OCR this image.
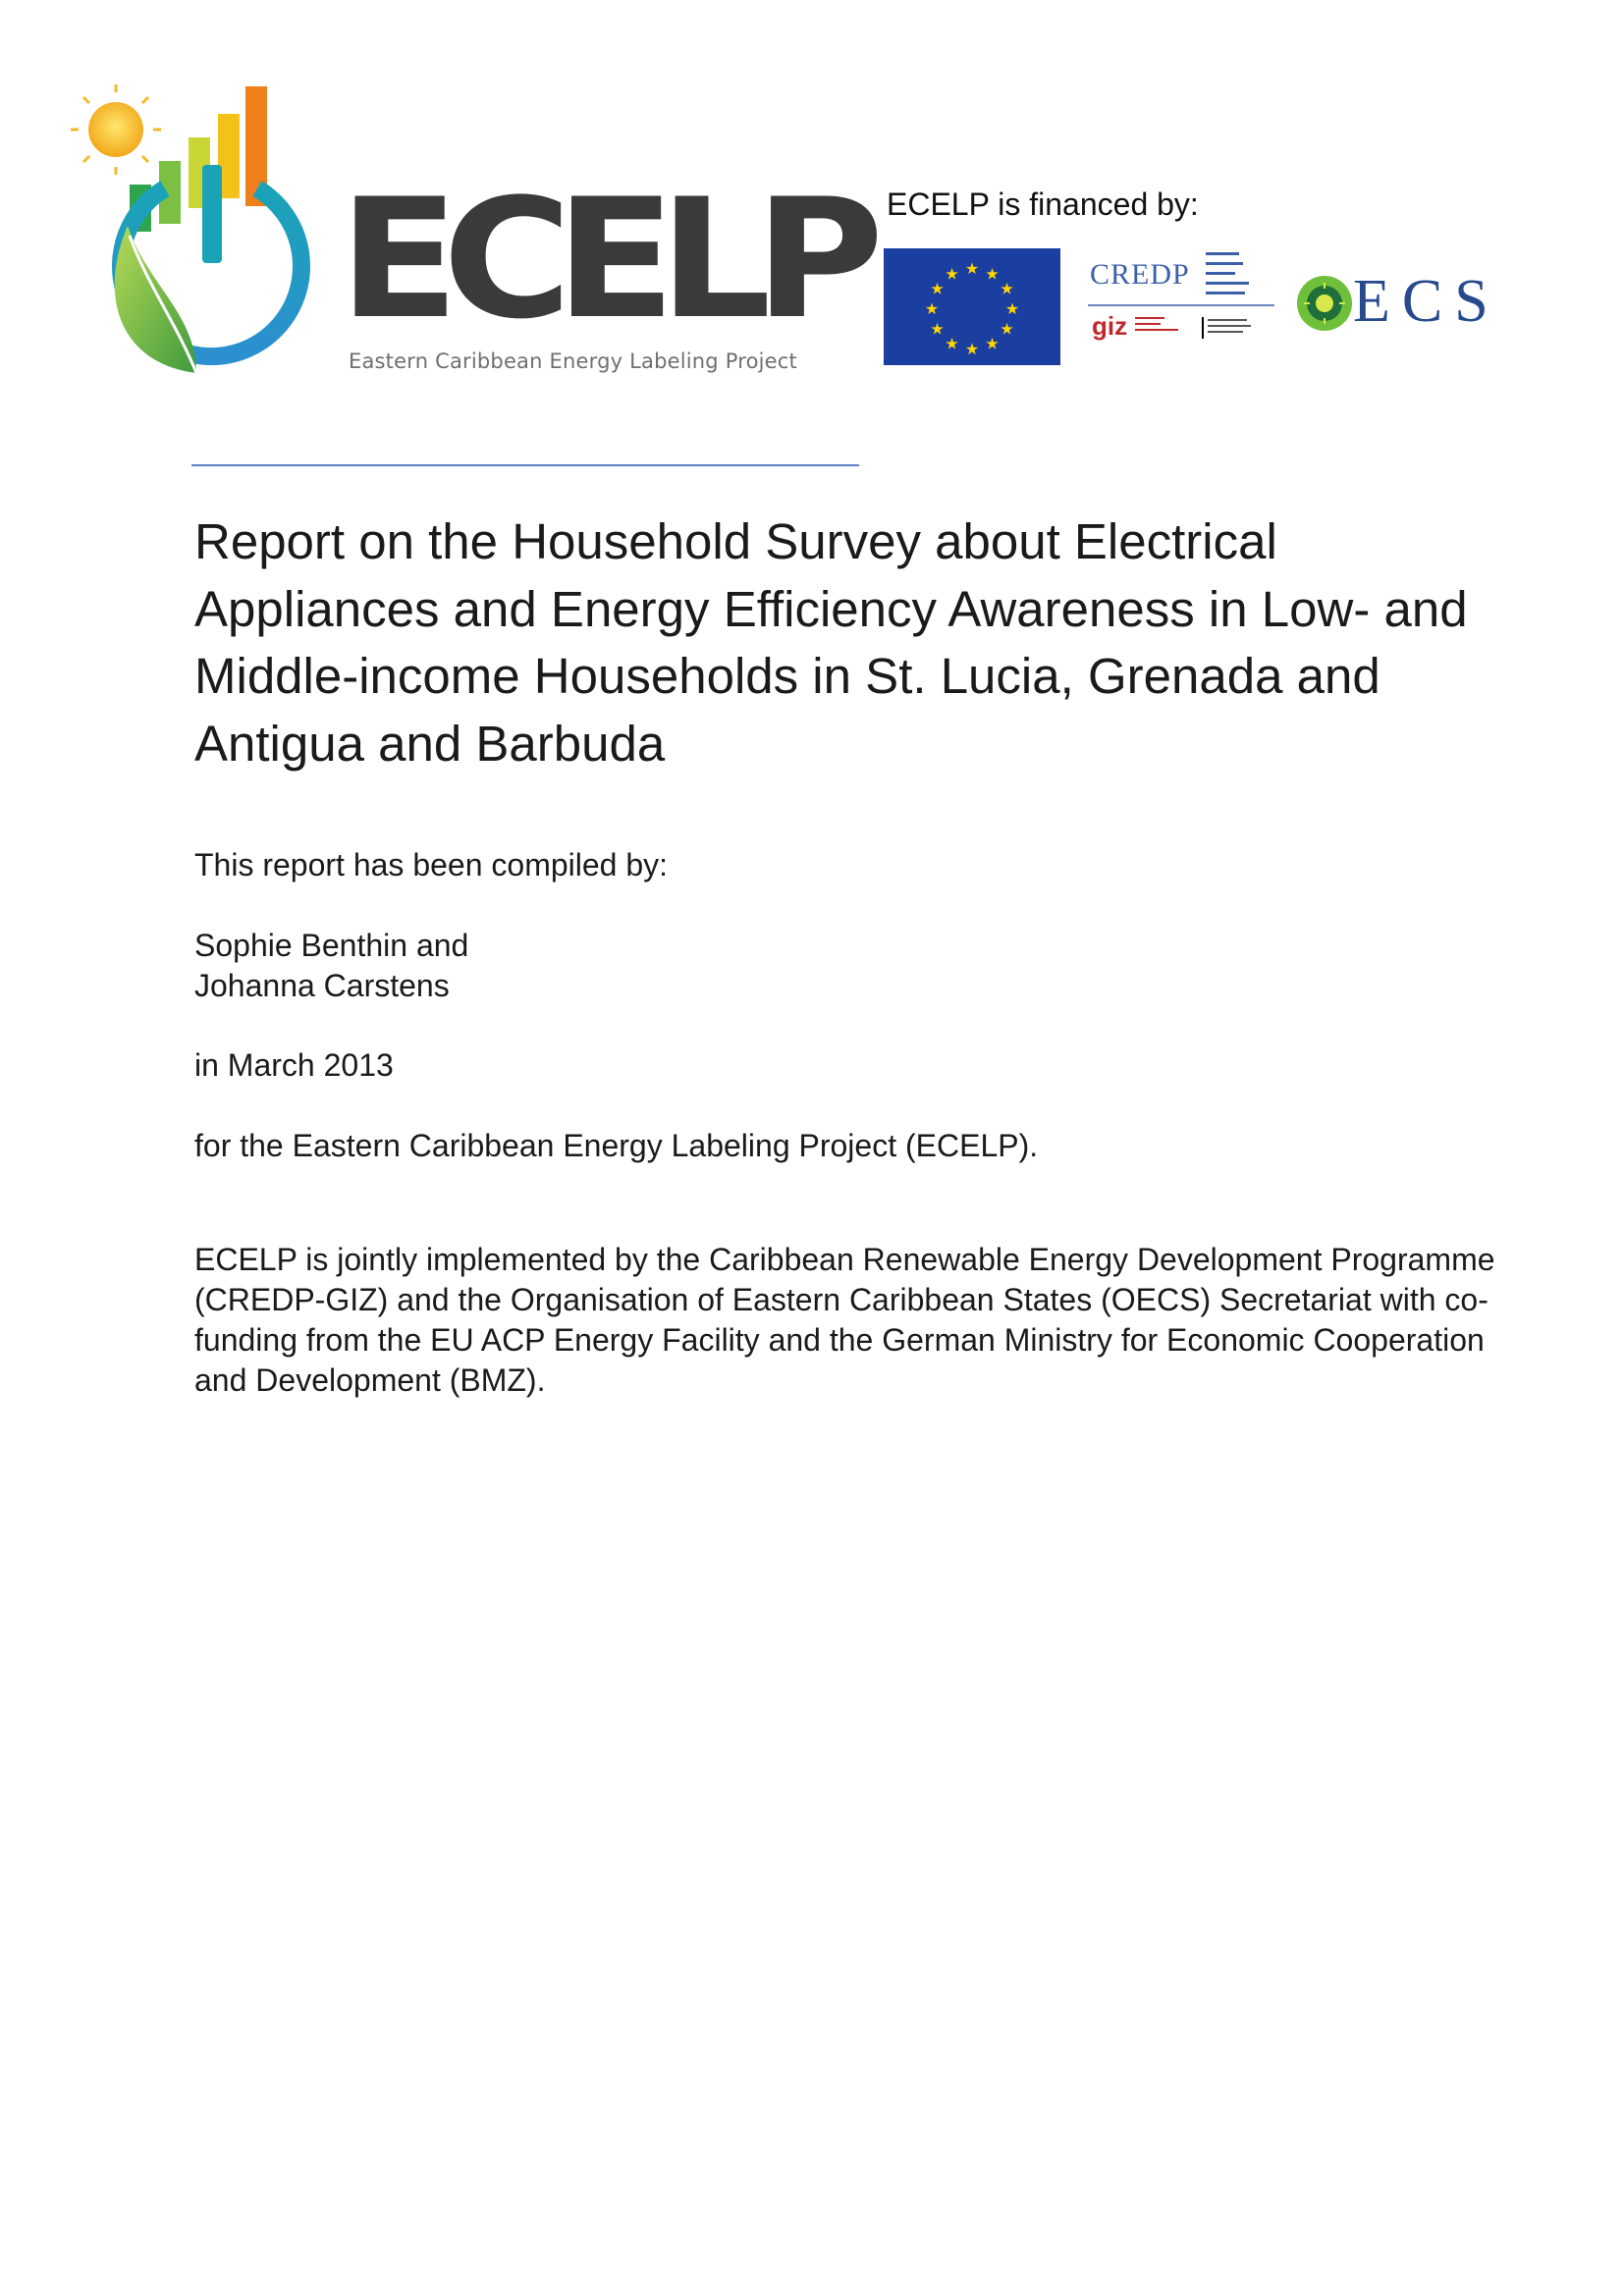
ECELP
Eastern Caribbean Energy Labeling Project
ECELP is financed by:
★ ★
★
★
★
★
★
★
★
★
★
★	CREDP
giz	ECS
Report on the Household Survey about Electrical Appliances and Energy Efficiency Awareness in Low- and Middle-income Households in St. Lucia, Grenada and Antigua and Barbuda
This report has been compiled by:
Sophie Benthin and
Johanna Carstens
in March 2013
for the Eastern Caribbean Energy Labeling Project (ECELP).
ECELP is jointly implemented by the Caribbean Renewable Energy Development Programme (CREDP-GIZ) and the Organisation of Eastern Caribbean States (OECS) Secretariat with co-funding from the EU ACP Energy Facility and the German Ministry for Economic Cooperation and Development (BMZ).
